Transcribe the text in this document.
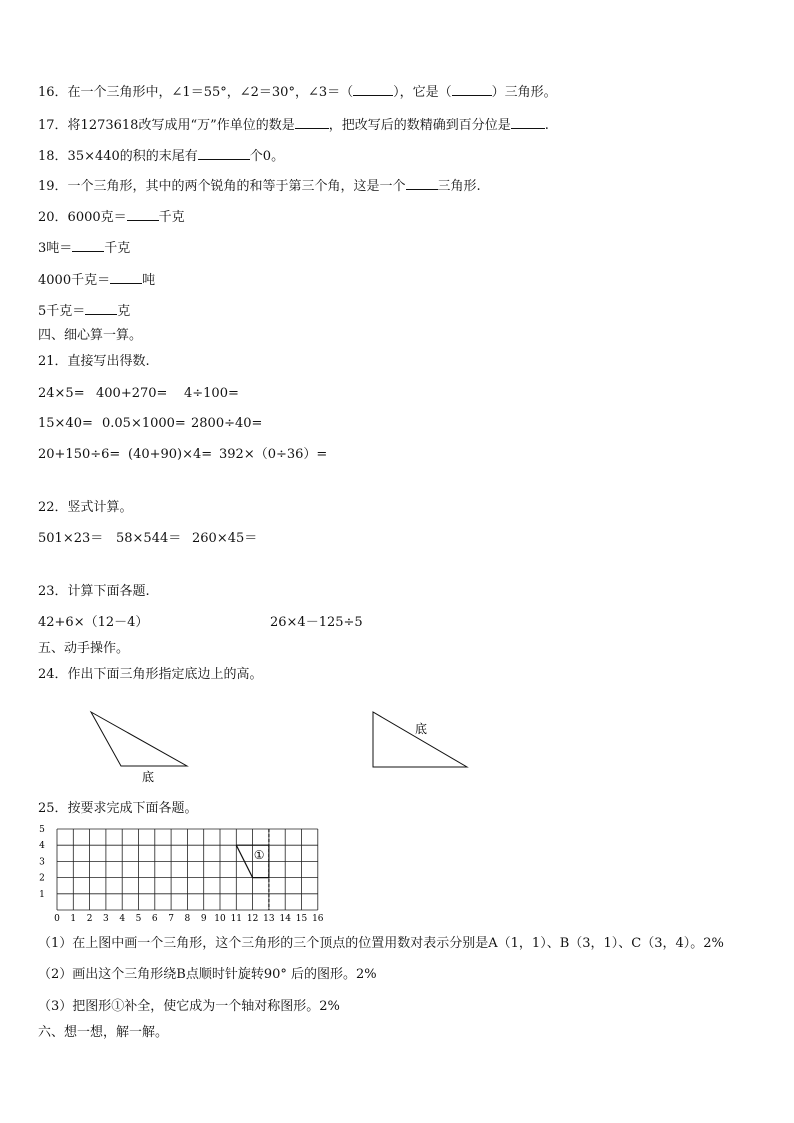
16．在一个三角形中，∠1＝55°，∠2＝30°，∠3＝（	），它是（	）三角形。
17．将1273618改写成用“万”作单位的数是	，把改写后的数精确到百分位是	.
18．35×440的积的末尾有	个0。
19．一个三角形，其中的两个锐角的和等于第三个角，这是一个 三角形.
20．6000克＝ 千克
3吨＝ 千克
4000千克＝ 吨
5千克＝ 克
四、细心算一算。
21．直接写出得数.
24×5= 400+270= 4÷100=
15×40= 0.05×1000= 2800÷40=
20+150÷6= (40+90)×4= 392×（0÷36）=
22．竖式计算。
501×23＝ 58×544＝ 260×45＝
23．计算下面各题.
42+6×（12－4）	26×4－125÷5
五、动手操作。
24．作出下面三角形指定底边上的高。
底
底
25．按要求完成下面各题。
0 1 2 3 4 5 6 7 8 9 10 11 12 13 14 15 16
1
2
3
4
5
①
（1）在上图中画一个三角形，这个三角形的三个顶点的位置用数对表示分别是A（1，1）、B（3，1）、C（3，4）。2%
（2）画出这个三角形绕B点顺时针旋转90° 后的图形。2%
（3）把图形①补全，使它成为一个轴对称图形。2%
六、想一想，解一解。
